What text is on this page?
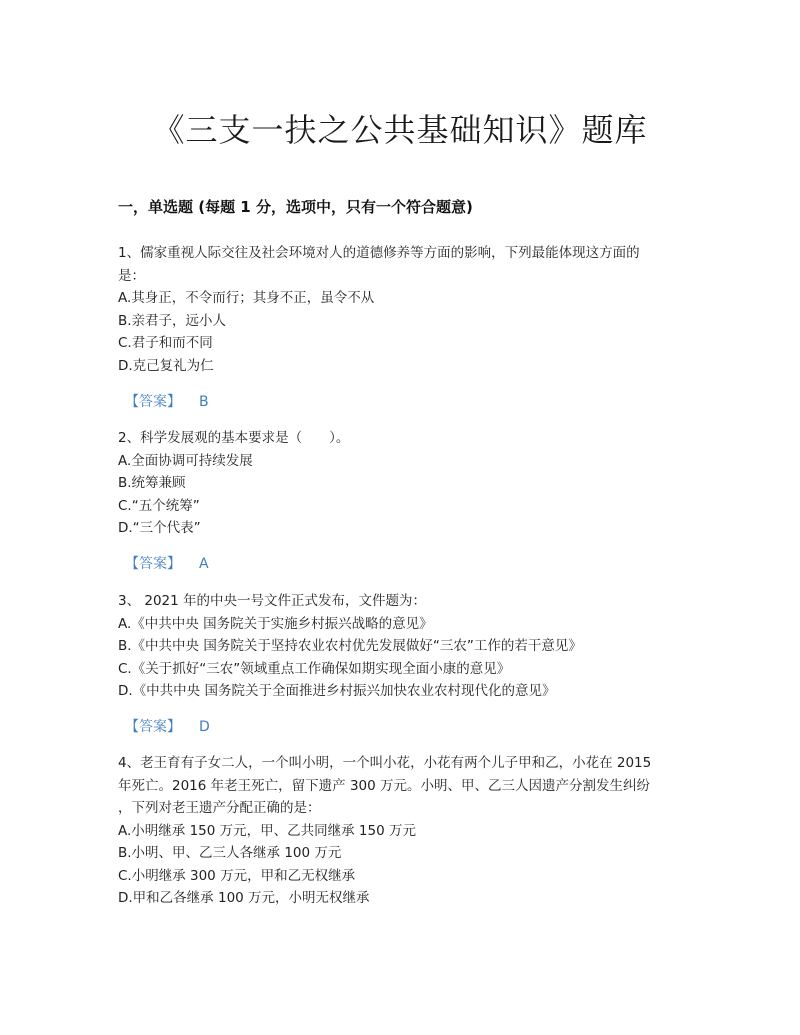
《三支一扶之公共基础知识》题库
一，单选题 (每题 1 分，选项中，只有一个符合题意)
1、儒家重视人际交往及社会环境对人的道德修养等方面的影响，下列最能体现这方面的
是：
A.其身正，不令而行；其身不正，虽令不从
B.亲君子，远小人
C.君子和而不同
D.克己复礼为仁
【答案】 B
2、科学发展观的基本要求是（　　）。
A.全面协调可持续发展
B.统筹兼顾
C.“五个统筹”
D.“三个代表”
【答案】 A
3、 2021 年的中央一号文件正式发布，文件题为：
A.《中共中央 国务院关于实施乡村振兴战略的意见》
B.《中共中央 国务院关于坚持农业农村优先发展做好“三农”工作的若干意见》
C.《关于抓好“三农”领域重点工作确保如期实现全面小康的意见》
D.《中共中央 国务院关于全面推进乡村振兴加快农业农村现代化的意见》
【答案】 D
4、老王育有子女二人，一个叫小明，一个叫小花，小花有两个儿子甲和乙，小花在 2015
年死亡。2016 年老王死亡，留下遗产 300 万元。小明、甲、乙三人因遗产分割发生纠纷
，下列对老王遗产分配正确的是：
A.小明继承 150 万元，甲、乙共同继承 150 万元
B.小明、甲、乙三人各继承 100 万元
C.小明继承 300 万元，甲和乙无权继承
D.甲和乙各继承 100 万元，小明无权继承
